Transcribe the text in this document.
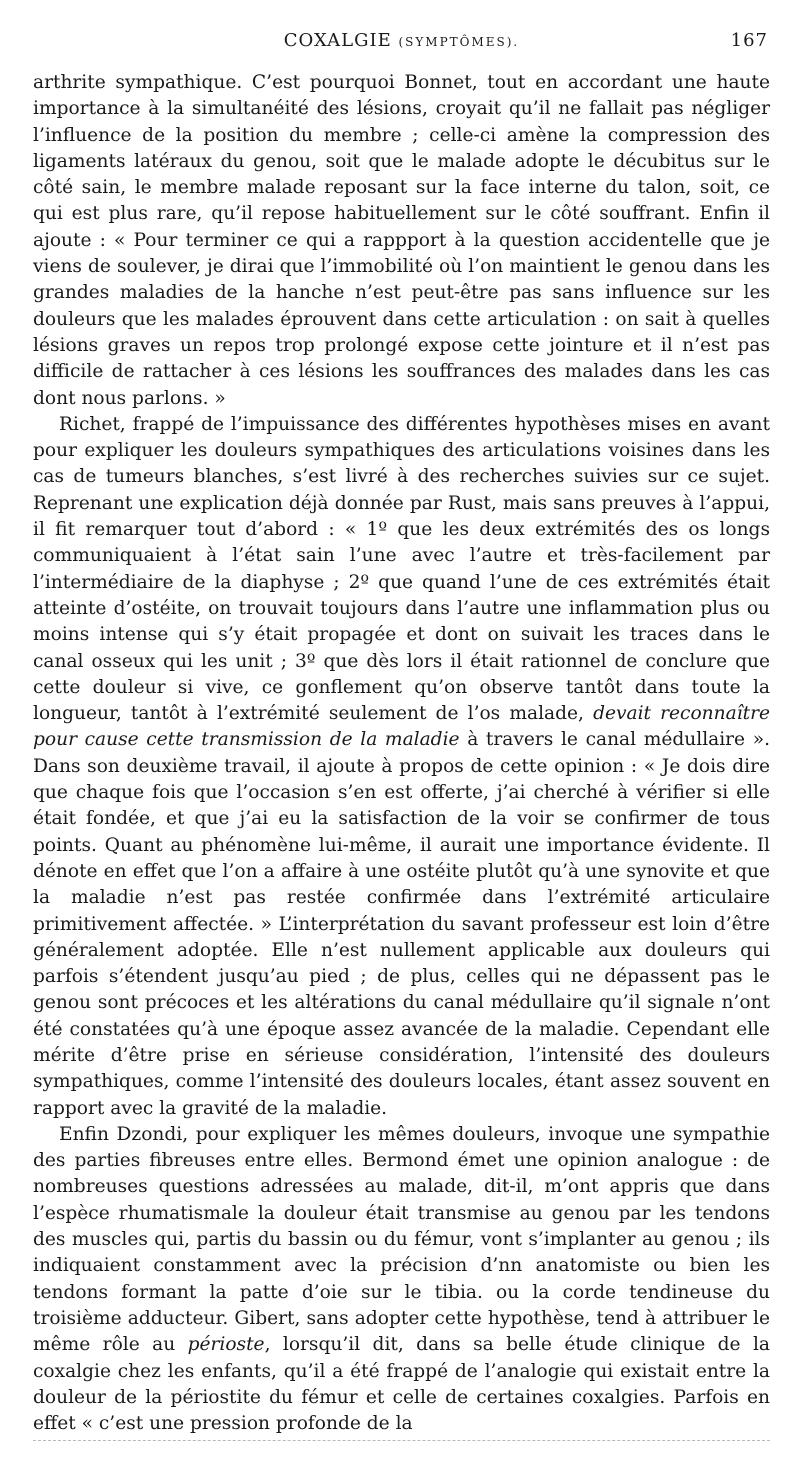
COXALGIE (SYMPTÔMES).	167

arthrite sympathique. C’est pourquoi Bonnet, tout en accordant une haute importance à la simultanéité des lésions, croyait qu’il ne fallait pas négliger l’influence de la position du membre ; celle-ci amène la compression des ligaments latéraux du genou, soit que le malade adopte le décubitus sur le côté sain, le membre malade reposant sur la face interne du talon, soit, ce qui est plus rare, qu’il repose habituellement sur le côté souffrant. Enfin il ajoute : « Pour terminer ce qui a rappport à la question accidentelle que je viens de soulever, je dirai que l’immobilité où l’on maintient le genou dans les grandes maladies de la hanche n’est peut-être pas sans influence sur les douleurs que les malades éprouvent dans cette articulation : on sait à quelles lésions graves un repos trop prolongé expose cette jointure et il n’est pas difficile de rattacher à ces lésions les souffrances des malades dans les cas dont nous parlons. »

Richet, frappé de l’impuissance des différentes hypothèses mises en avant pour expliquer les douleurs sympathiques des articulations voisines dans les cas de tumeurs blanches, s’est livré à des recherches suivies sur ce sujet. Reprenant une explication déjà donnée par Rust, mais sans preuves à l’appui, il fit remarquer tout d’abord : « 1º que les deux extrémités des os longs communiquaient à l’état sain l’une avec l’autre et très-facilement par l’intermédiaire de la diaphyse ; 2º que quand l’une de ces extrémités était atteinte d’ostéite, on trouvait toujours dans l’autre une inflammation plus ou moins intense qui s’y était propagée et dont on suivait les traces dans le canal osseux qui les unit ; 3º que dès lors il était rationnel de conclure que cette douleur si vive, ce gonflement qu’on observe tantôt dans toute la longueur, tantôt à l’extrémité seulement de l’os malade, devait reconnaître pour cause cette transmission de la maladie à travers le canal médullaire ». Dans son deuxième travail, il ajoute à propos de cette opinion : « Je dois dire que chaque fois que l’occasion s’en est offerte, j’ai cherché à vérifier si elle était fondée, et que j’ai eu la satisfaction de la voir se confirmer de tous points. Quant au phénomène lui-même, il aurait une importance évidente. Il dénote en effet que l’on a affaire à une ostéite plutôt qu’à une synovite et que la maladie n’est pas restée confirmée dans l’extrémité articulaire primitivement affectée. » L’interprétation du savant professeur est loin d’être généralement adoptée. Elle n’est nullement applicable aux douleurs qui parfois s’étendent jusqu’au pied ; de plus, celles qui ne dépassent pas le genou sont précoces et les altérations du canal médullaire qu’il signale n’ont été constatées qu’à une époque assez avancée de la maladie. Cependant elle mérite d’être prise en sérieuse considération, l’intensité des douleurs sympathiques, comme l’intensité des douleurs locales, étant assez souvent en rapport avec la gravité de la maladie.

Enfin Dzondi, pour expliquer les mêmes douleurs, invoque une sympathie des parties fibreuses entre elles. Bermond émet une opinion analogue : de nombreuses questions adressées au malade, dit-il, m’ont appris que dans l’espèce rhumatismale la douleur était transmise au genou par les tendons des muscles qui, partis du bassin ou du fémur, vont s’implanter au genou ; ils indiquaient constamment avec la précision d’nn anatomiste ou bien les tendons formant la patte d’oie sur le tibia. ou la corde tendineuse du troisième adducteur. Gibert, sans adopter cette hypothèse, tend à attribuer le même rôle au périoste, lorsqu’il dit, dans sa belle étude clinique de la coxalgie chez les enfants, qu’il a été frappé de l’analogie qui existait entre la douleur de la périostite du fémur et celle de certaines coxalgies. Parfois en effet « c’est une pression profonde de la
